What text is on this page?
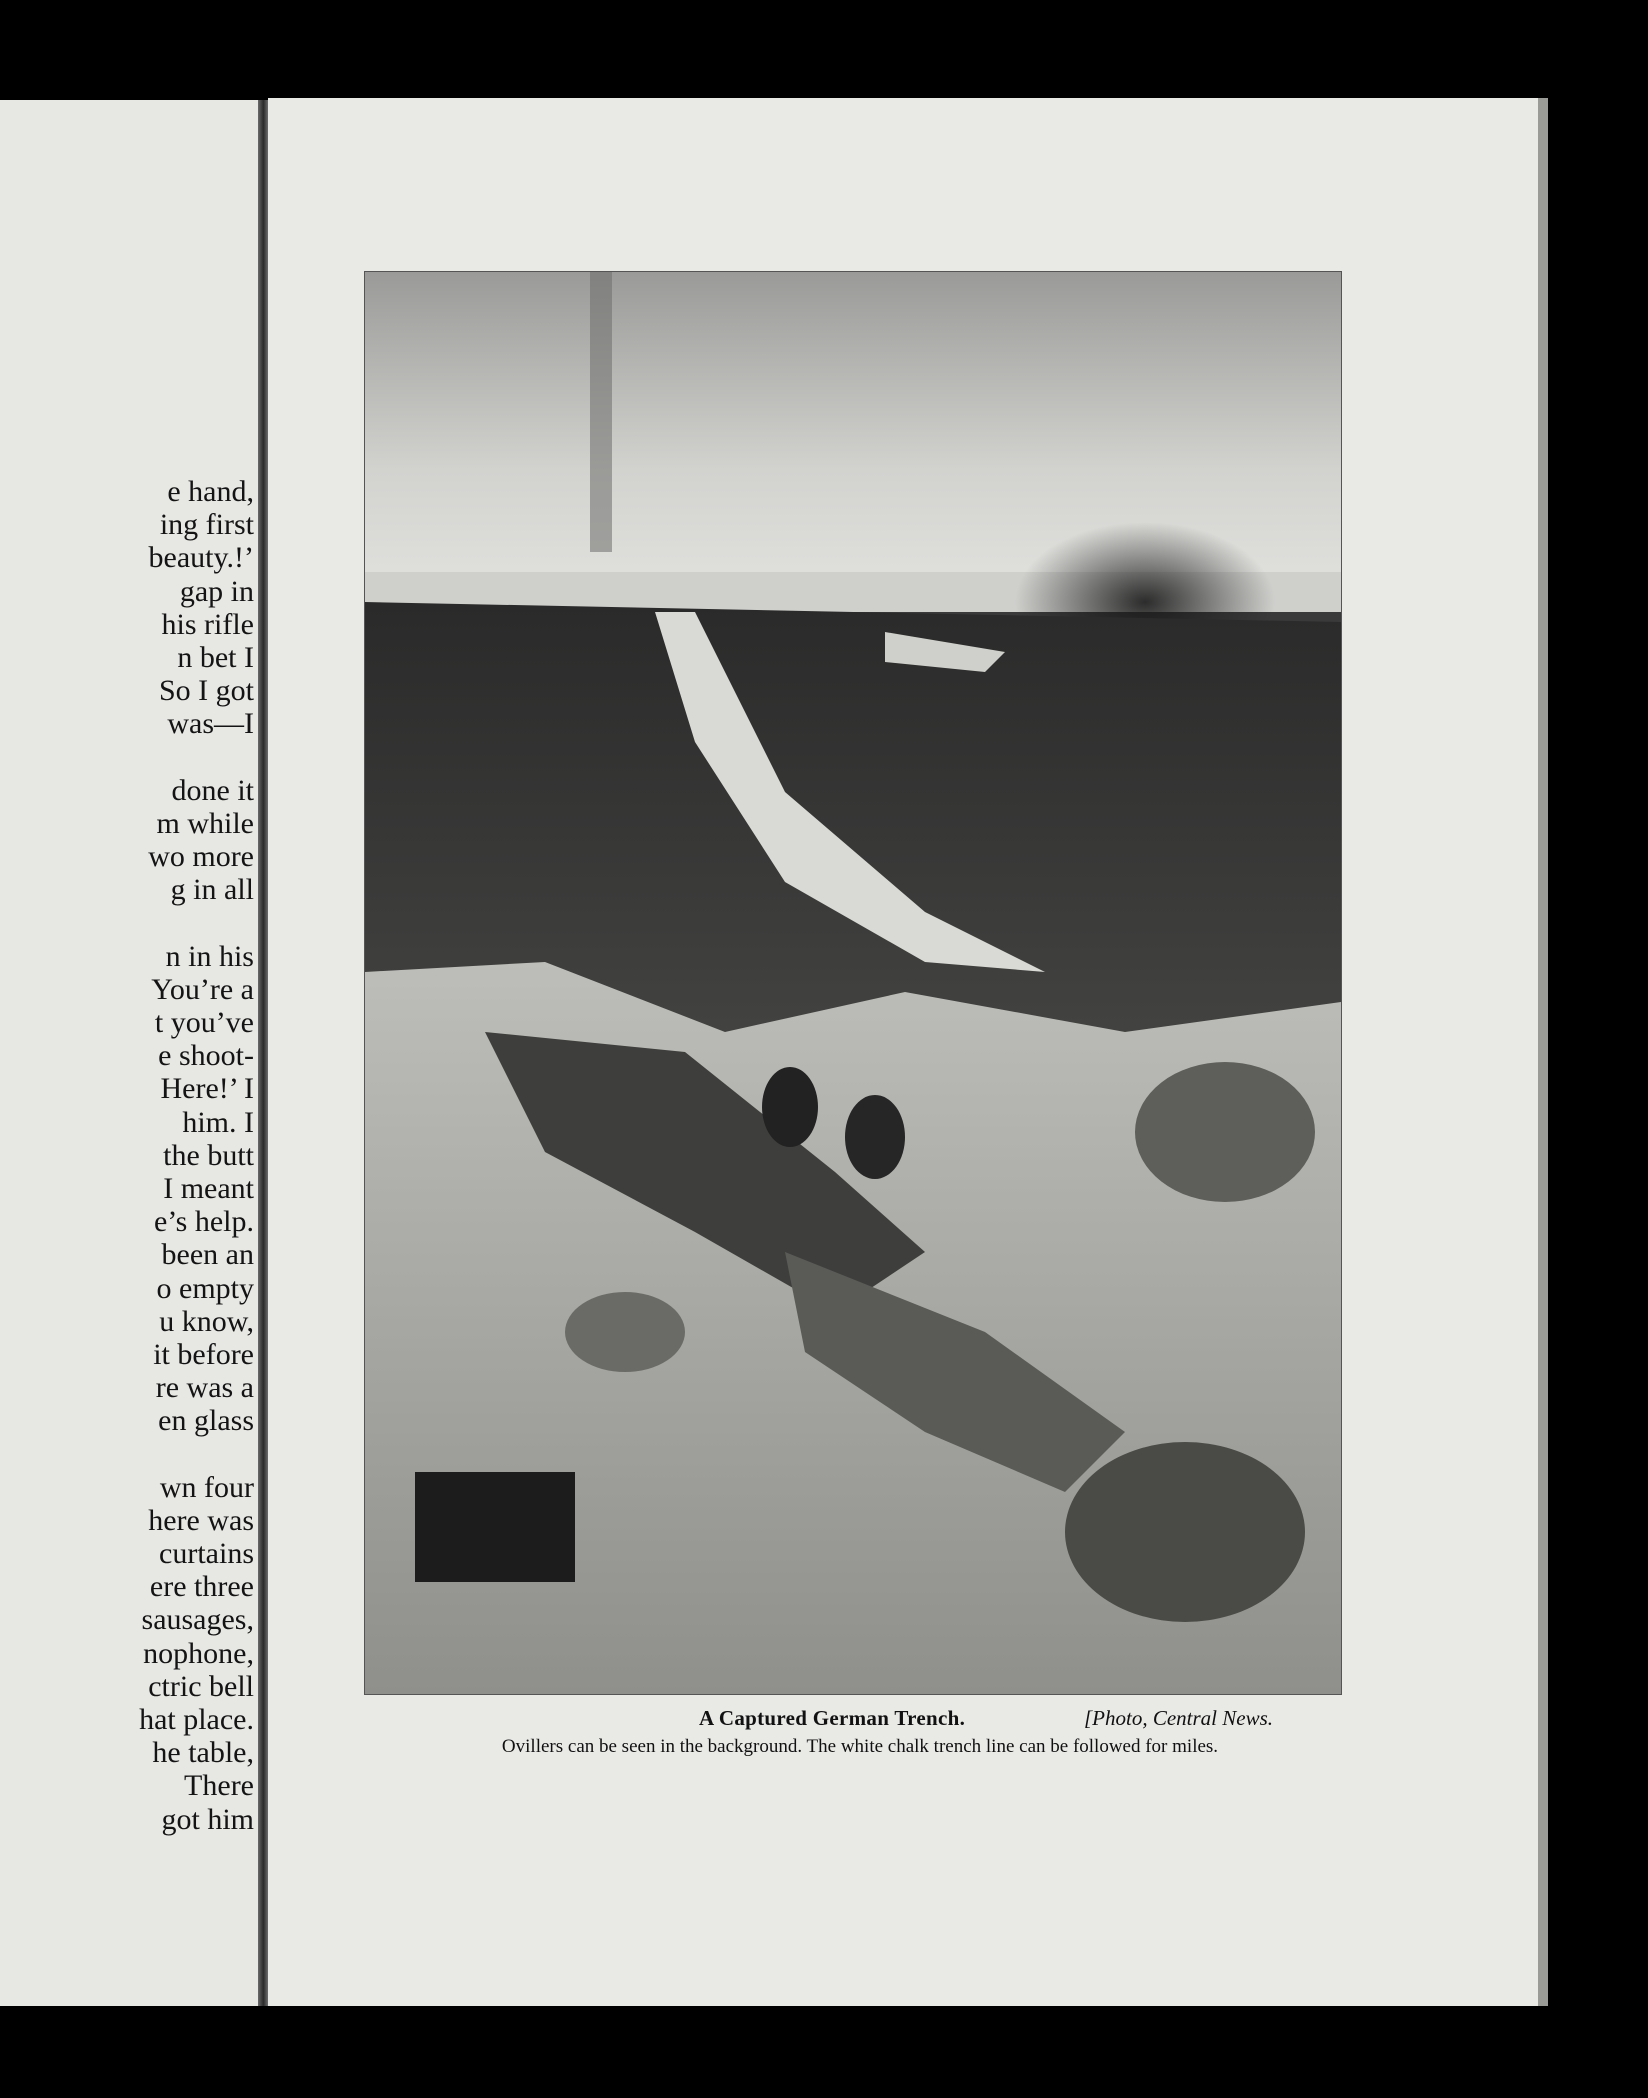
e hand,
ing first
beauty.!’
gap in
his rifle
n bet I
So I got
was—I
done it
m while
wo more
g in all
n in his
You’re a
t you’ve
e shoot-
Here!’ I
him. I
the butt
I meant
e’s help.
been an
o empty
u know,
it before
re was a
en glass
wn four
here was
curtains
ere three
sausages,
nophone,
ctric bell
hat place.
he table,
There
got him
A Captured German Trench.	[Photo, Central News.
Ovillers can be seen in the background. The white chalk trench line can be followed for miles.
